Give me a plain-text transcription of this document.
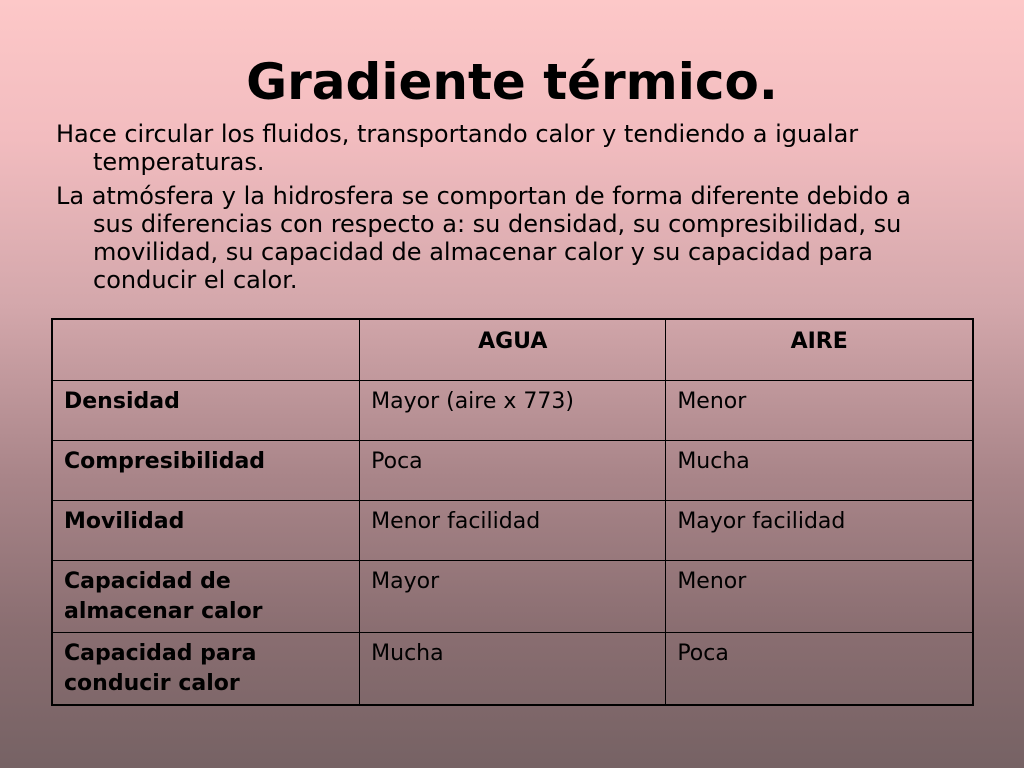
Gradiente térmico.

Hace circular los fluidos, transportando calor y tendiendo a igualar temperaturas.

La atmósfera y la hidrosfera se comportan de forma diferente debido a sus diferencias con respecto a: su densidad, su compresibilidad, su movilidad, su capacidad de almacenar calor y su capacidad para conducir el calor.

	AGUA	AIRE
Densidad	Mayor (aire x 773)	Menor
Compresibilidad	Poca	Mucha
Movilidad	Menor facilidad	Mayor facilidad
Capacidad de almacenar calor	Mayor	Menor
Capacidad para conducir calor	Mucha	Poca
